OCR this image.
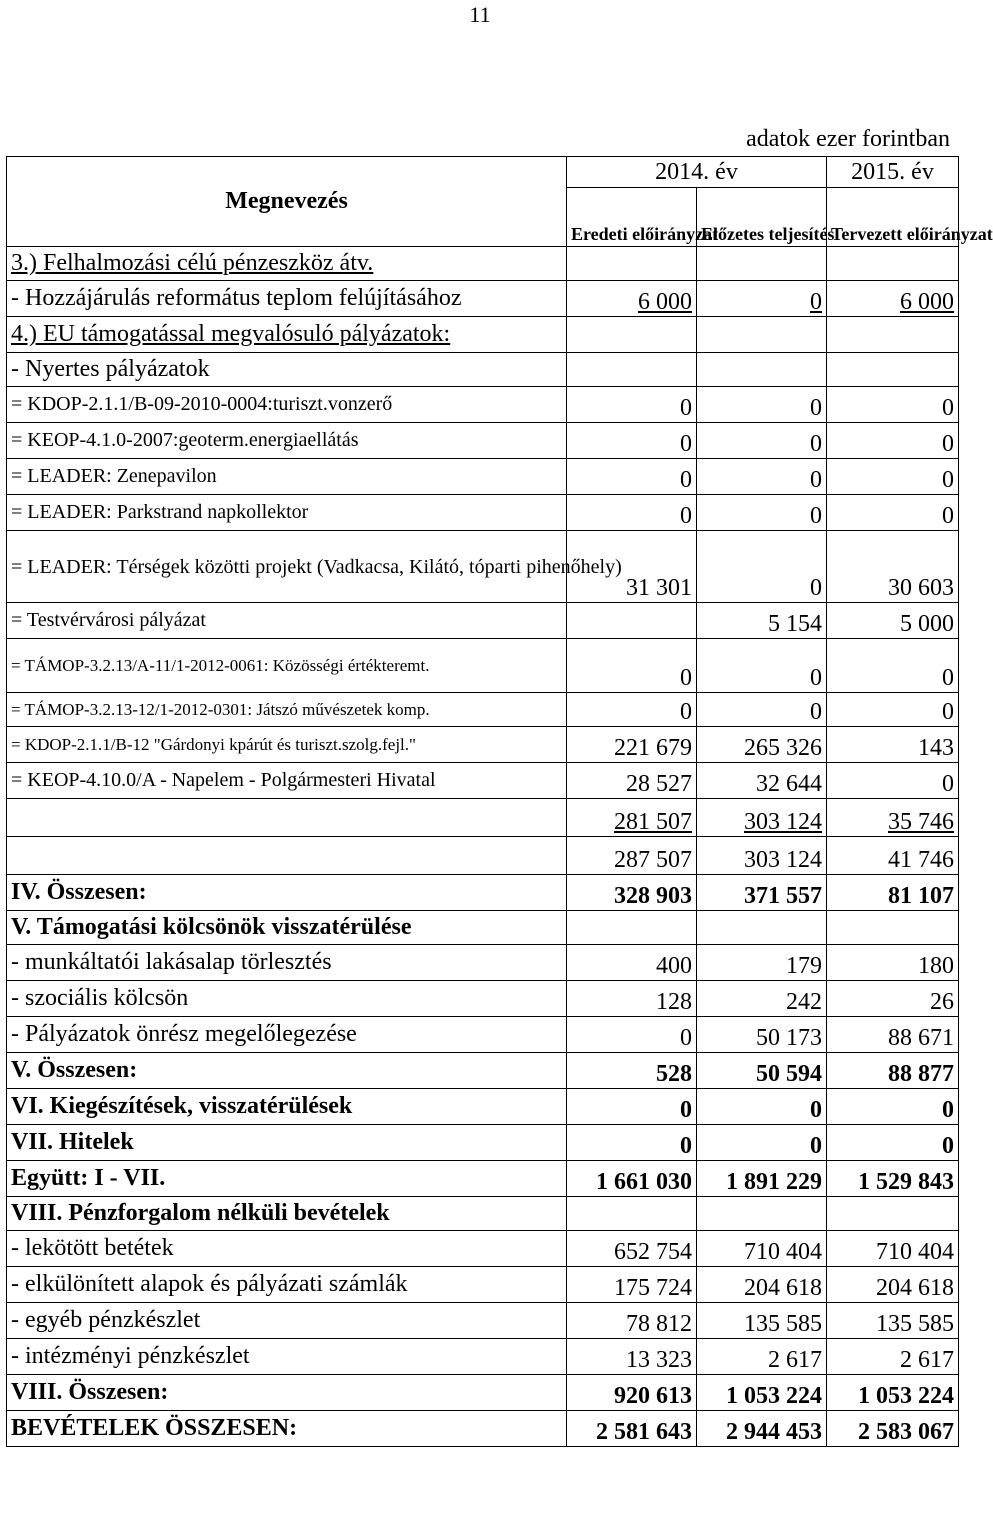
11
adatok ezer forintban
Megnevezés	2014. év		2015. év
	Eredeti előirányzat	Előzetes teljesítés	Tervezett előirányzat
3.) Felhalmozási célú pénzeszköz átv.			
- Hozzájárulás református teplom felújításához	6 000	0	6 000
4.) EU támogatással megvalósuló pályázatok:			
- Nyertes pályázatok			
= KDOP-2.1.1/B-09-2010-0004:turiszt.vonzerő	0	0	0
= KEOP-4.1.0-2007:geoterm.energiaellátás	0	0	0
= LEADER: Zenepavilon	0	0	0
= LEADER: Parkstrand napkollektor	0	0	0
= LEADER: Térségek közötti projekt (Vadkacsa, Kilátó, tóparti pihenőhely)	31 301	0	30 603
= Testvérvárosi pályázat		5 154	5 000
= TÁMOP-3.2.13/A-11/1-2012-0061: Közösségi értékteremt.	0	0	0
= TÁMOP-3.2.13-12/1-2012-0301: Játszó művészetek komp.	0	0	0
= KDOP-2.1.1/B-12 "Gárdonyi kpárút és turiszt.szolg.fejl."	221 679	265 326	143
= KEOP-4.10.0/A - Napelem - Polgármesteri Hivatal	28 527	32 644	0
	281 507	303 124	35 746
	287 507	303 124	41 746
IV. Összesen:	328 903	371 557	81 107
V. Támogatási kölcsönök visszatérülése			
- munkáltatói lakásalap törlesztés	400	179	180
- szociális kölcsön	128	242	26
- Pályázatok önrész megelőlegezése	0	50 173	88 671
V. Összesen:	528	50 594	88 877
VI. Kiegészítések, visszatérülések	0	0	0
VII. Hitelek	0	0	0
Együtt: I - VII.	1 661 030	1 891 229	1 529 843
VIII. Pénzforgalom nélküli bevételek			
- lekötött betétek	652 754	710 404	710 404
- elkülönített alapok és pályázati számlák	175 724	204 618	204 618
- egyéb pénzkészlet	78 812	135 585	135 585
- intézményi pénzkészlet	13 323	2 617	2 617
VIII. Összesen:	920 613	1 053 224	1 053 224
BEVÉTELEK ÖSSZESEN:	2 581 643	2 944 453	2 583 067
